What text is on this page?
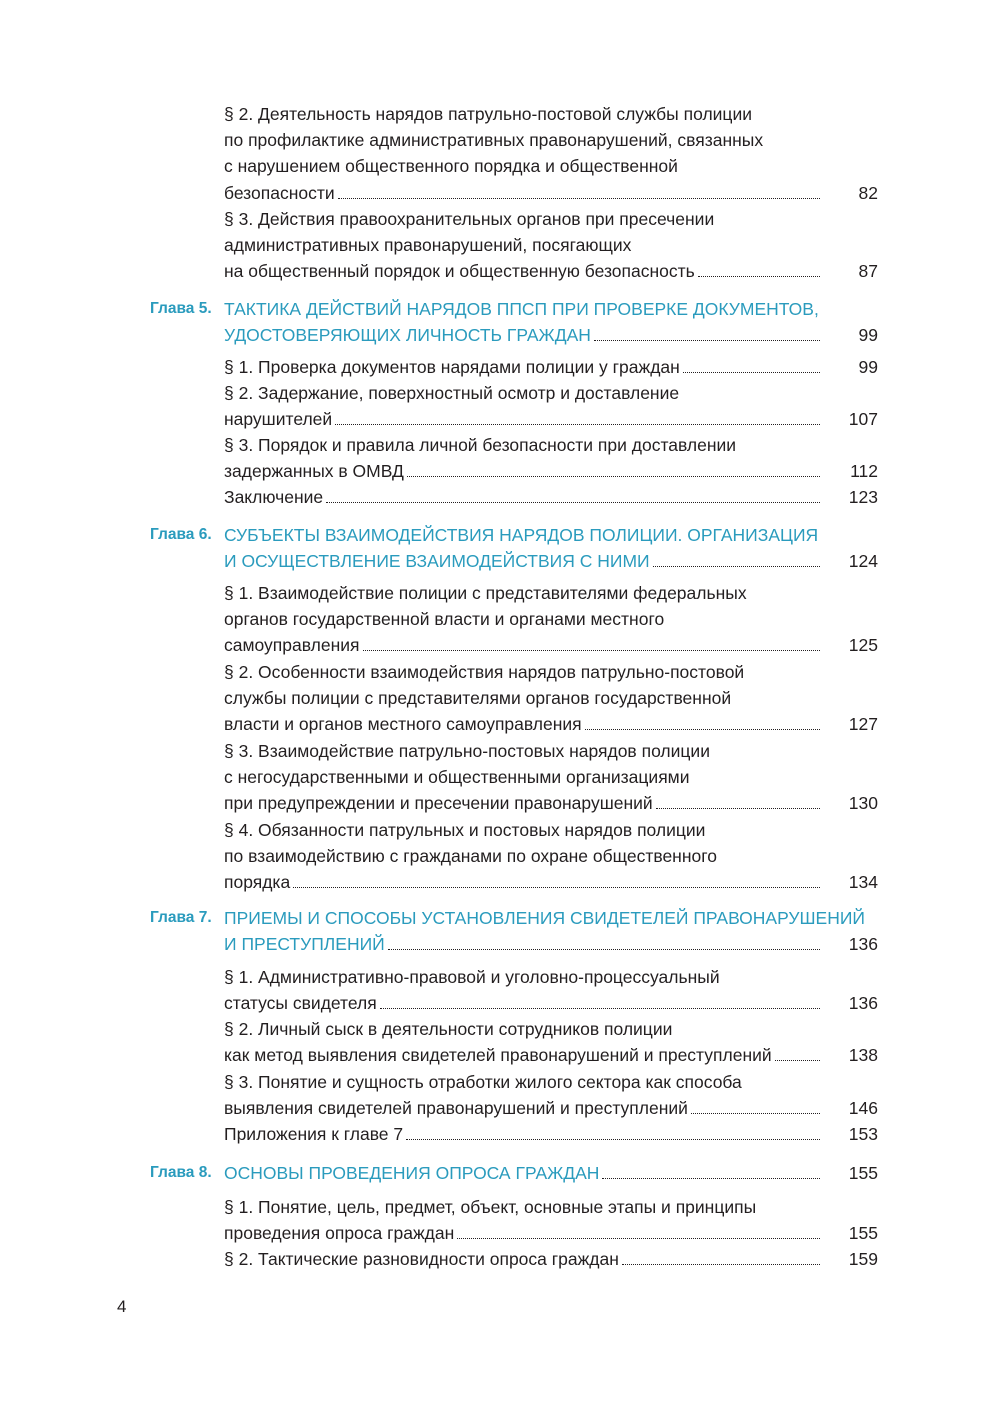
§ 2. Деятельность нарядов патрульно-постовой службы полиции
по профилактике административных правонарушений, связанных
с нарушением общественного порядка и общественной
безопасности	82
§ 3. Действия правоохранительных органов при пресечении
административных правонарушений, посягающих
на общественный порядок и общественную безопасность	87
Глава 5. ТАКТИКА ДЕЙСТВИЙ НАРЯДОВ ППСП ПРИ ПРОВЕРКЕ ДОКУМЕНТОВ,
УДОСТОВЕРЯЮЩИХ ЛИЧНОСТЬ ГРАЖДАН	99
§ 1. Проверка документов нарядами полиции у граждан	99
§ 2. Задержание, поверхностный осмотр и доставление
нарушителей	107
§ 3. Порядок и правила личной безопасности при доставлении
задержанных в ОМВД	112
Заключение	123
Глава 6. СУБЪЕКТЫ ВЗАИМОДЕЙСТВИЯ НАРЯДОВ ПОЛИЦИИ. ОРГАНИЗАЦИЯ
И ОСУЩЕСТВЛЕНИЕ ВЗАИМОДЕЙСТВИЯ С НИМИ	124
§ 1. Взаимодействие полиции с представителями федеральных
органов государственной власти и органами местного
самоуправления	125
§ 2. Особенности взаимодействия нарядов патрульно-постовой
службы полиции с представителями органов государственной
власти и органов местного самоуправления	127
§ 3. Взаимодействие патрульно-постовых нарядов полиции
с негосударственными и общественными организациями
при предупреждении и пресечении правонарушений	130
§ 4. Обязанности патрульных и постовых нарядов полиции
по взаимодействию с гражданами по охране общественного
порядка	134
Глава 7. ПРИЕМЫ И СПОСОБЫ УСТАНОВЛЕНИЯ СВИДЕТЕЛЕЙ ПРАВОНАРУШЕНИЙ
И ПРЕСТУПЛЕНИЙ	136
§ 1. Административно-правовой и уголовно-процессуальный
статусы свидетеля	136
§ 2. Личный сыск в деятельности сотрудников полиции
как метод выявления свидетелей правонарушений и преступлений	138
§ 3. Понятие и сущность отработки жилого сектора как способа
выявления свидетелей правонарушений и преступлений	146
Приложения к главе 7	153
Глава 8. ОСНОВЫ ПРОВЕДЕНИЯ ОПРОСА ГРАЖДАН	155
§ 1. Понятие, цель, предмет, объект, основные этапы и принципы
проведения опроса граждан	155
§ 2. Тактические разновидности опроса граждан	159
4
